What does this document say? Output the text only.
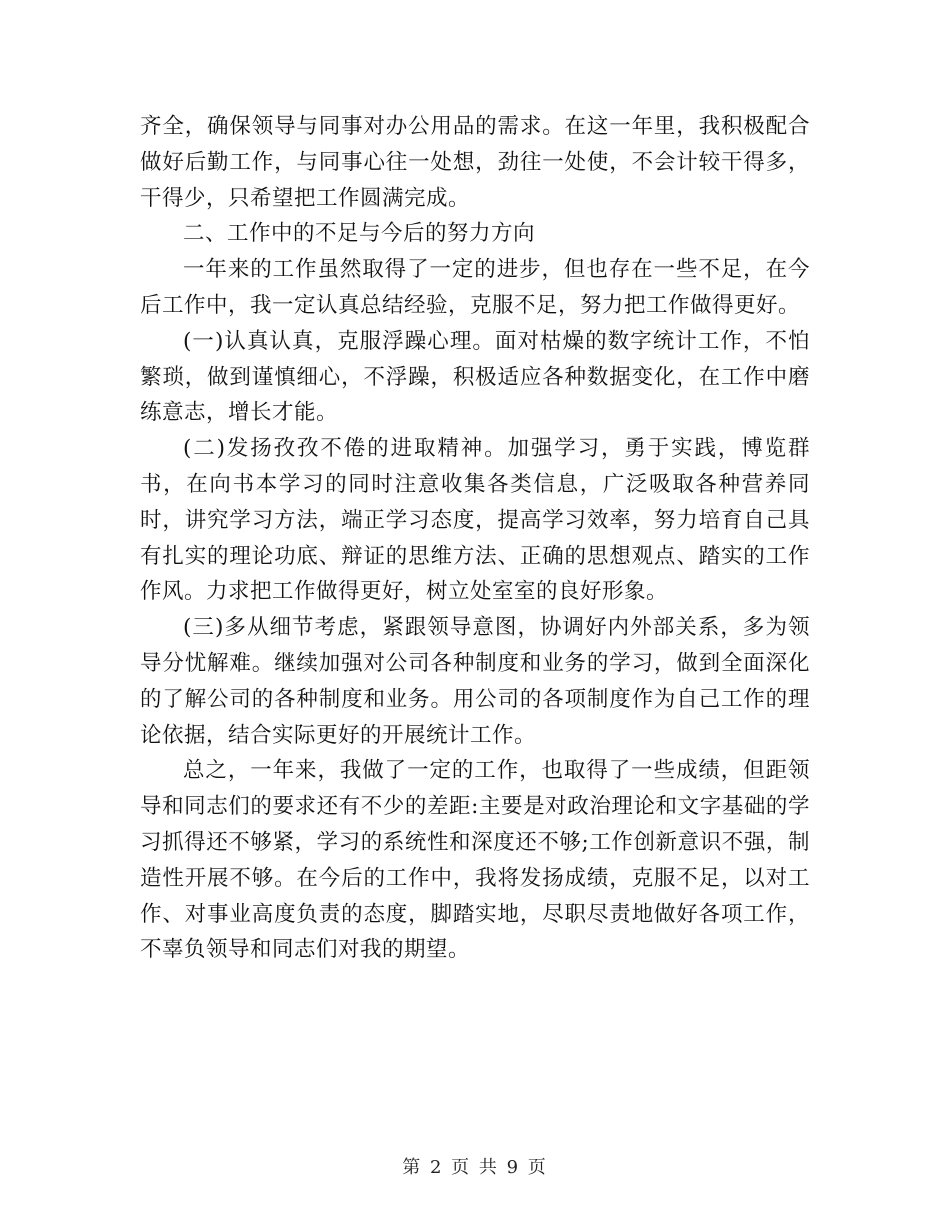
齐全，确保领导与同事对办公用品的需求。在这一年里，我积极配合做好后勤工作，与同事心往一处想，劲往一处使，不会计较干得多，干得少，只希望把工作圆满完成。

二、工作中的不足与今后的努力方向

一年来的工作虽然取得了一定的进步，但也存在一些不足，在今后工作中，我一定认真总结经验，克服不足，努力把工作做得更好。

(一)认真认真，克服浮躁心理。面对枯燥的数字统计工作，不怕繁琐，做到谨慎细心，不浮躁，积极适应各种数据变化，在工作中磨练意志，增长才能。

(二)发扬孜孜不倦的进取精神。加强学习，勇于实践，博览群书，在向书本学习的同时注意收集各类信息，广泛吸取各种营养同时，讲究学习方法，端正学习态度，提高学习效率，努力培育自己具有扎实的理论功底、辩证的思维方法、正确的思想观点、踏实的工作作风。力求把工作做得更好，树立处室室的良好形象。

(三)多从细节考虑，紧跟领导意图，协调好内外部关系，多为领导分忧解难。继续加强对公司各种制度和业务的学习，做到全面深化的了解公司的各种制度和业务。用公司的各项制度作为自己工作的理论依据，结合实际更好的开展统计工作。

总之，一年来，我做了一定的工作，也取得了一些成绩，但距领导和同志们的要求还有不少的差距:主要是对政治理论和文字基础的学习抓得还不够紧，学习的系统性和深度还不够;工作创新意识不强，制造性开展不够。在今后的工作中，我将发扬成绩，克服不足，以对工作、对事业高度负责的态度，脚踏实地，尽职尽责地做好各项工作，不辜负领导和同志们对我的期望。

第 2 页 共 9 页
